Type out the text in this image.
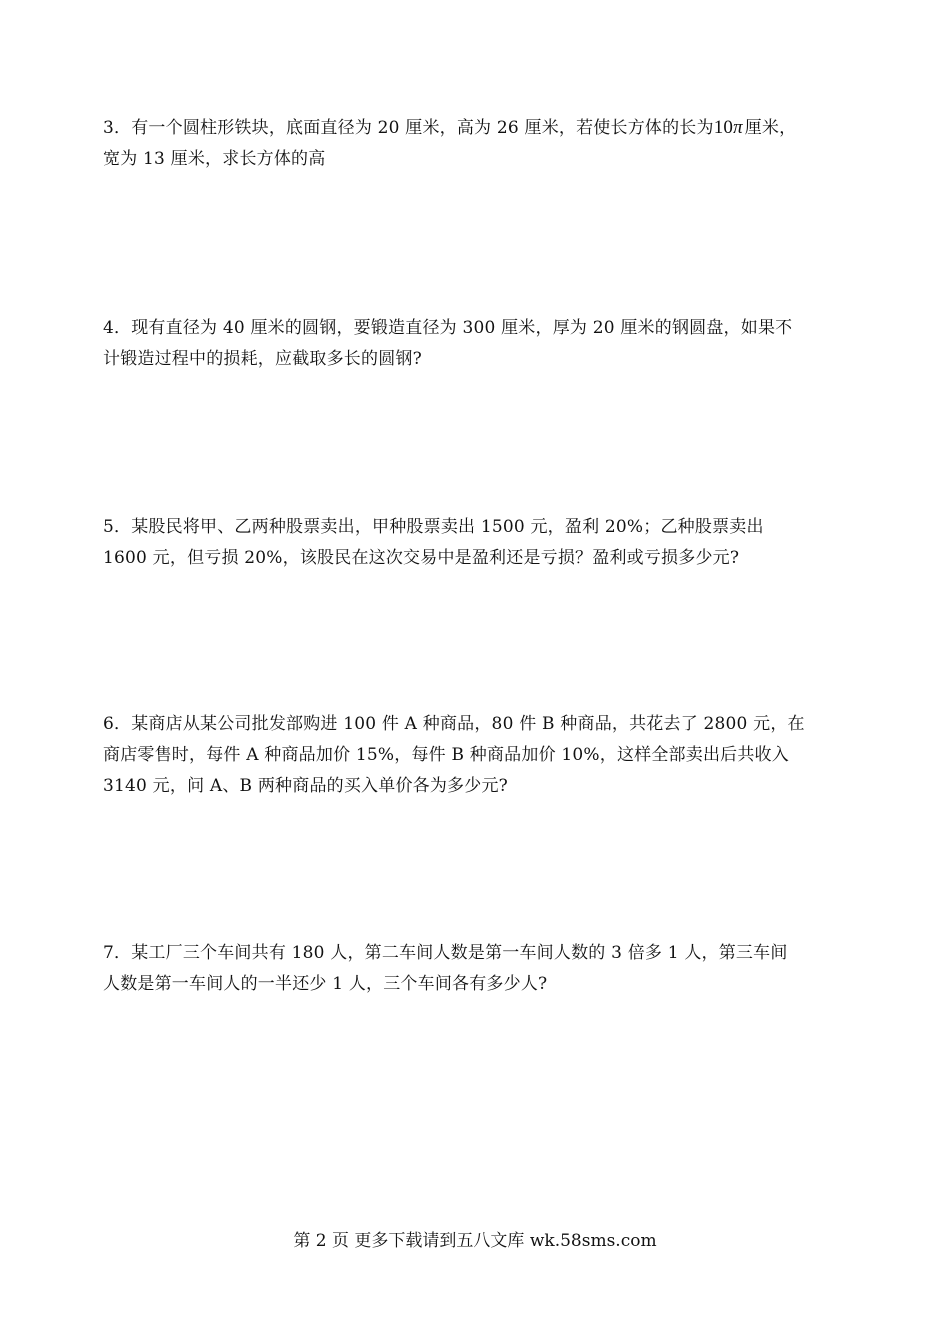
3．有一个圆柱形铁块，底面直径为 20 厘米，高为 26 厘米，若使长方体的长为10π  厘米，

宽为 13 厘米，求长方体的高

4．现有直径为 40 厘米的圆钢，要锻造直径为 300 厘米，厚为 20 厘米的钢圆盘，如果不

计锻造过程中的损耗，应截取多长的圆钢?

5．某股民将甲、乙两种股票卖出，甲种股票卖出 1500 元，盈利 20%；乙种股票卖出

1600 元，但亏损 20%，该股民在这次交易中是盈利还是亏损？盈利或亏损多少元?

6．某商店从某公司批发部购进 100 件 A 种商品，80 件 B 种商品，共花去了 2800 元，在

商店零售时，每件 A 种商品加价 15%，每件 B 种商品加价 10%，这样全部卖出后共收入

3140 元，问 A、B 两种商品的买入单价各为多少元?

7．某工厂三个车间共有 180 人，第二车间人数是第一车间人数的 3 倍多 1 人，第三车间

人数是第一车间人的一半还少 1 人，三个车间各有多少人?

第 2 页 更多下载请到五八文库 wk.58sms.com
